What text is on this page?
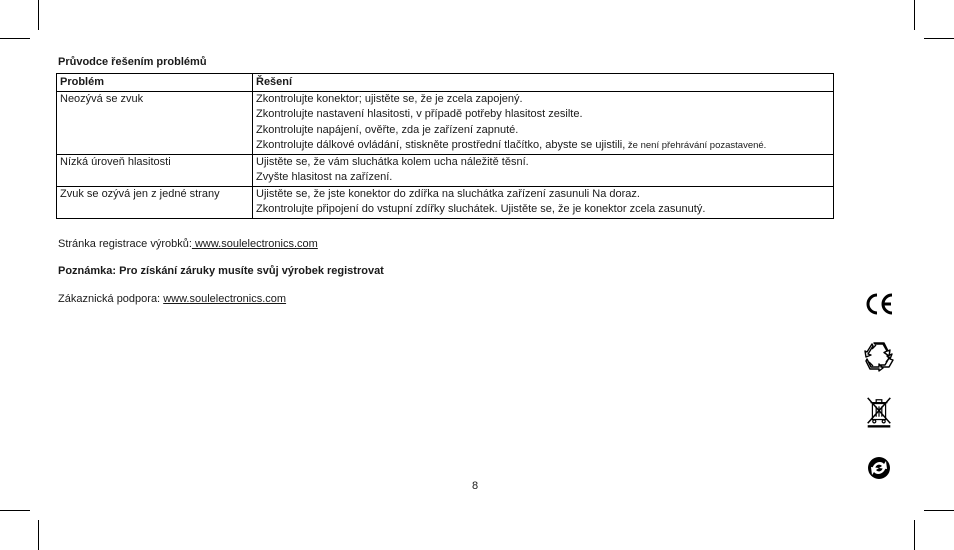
Průvodce řešením problémů
Problém	Řešení
Neozývá se zvuk	Zkontrolujte konektor; ujistěte se, že je zcela zapojený.
Zkontrolujte nastavení hlasitosti, v případě potřeby hlasitost zesilte.
Zkontrolujte napájení, ověřte, zda je zařízení zapnuté.
Zkontrolujte dálkové ovládání, stiskněte prostřední tlačítko, abyste se ujistili, že není přehrávání pozastavené.

Nízká úroveň hlasitosti	Ujistěte se, že vám sluchátka kolem ucha náležitě těsní.
Zvyšte hlasitost na zařízení.

Zvuk se ozývá jen z jedné strany	Ujistěte se, že jste konektor do zdířka na sluchátka zařízení zasunuli Na doraz.
Zkontrolujte připojení do vstupní zdířky sluchátek. Ujistěte se, že je konektor zcela zasunutý.
Stránka registrace výrobků: www.soulelectronics.com
Poznámka: Pro získání záruky musíte svůj výrobek registrovat
Zákaznická podpora: www.soulelectronics.com
8
